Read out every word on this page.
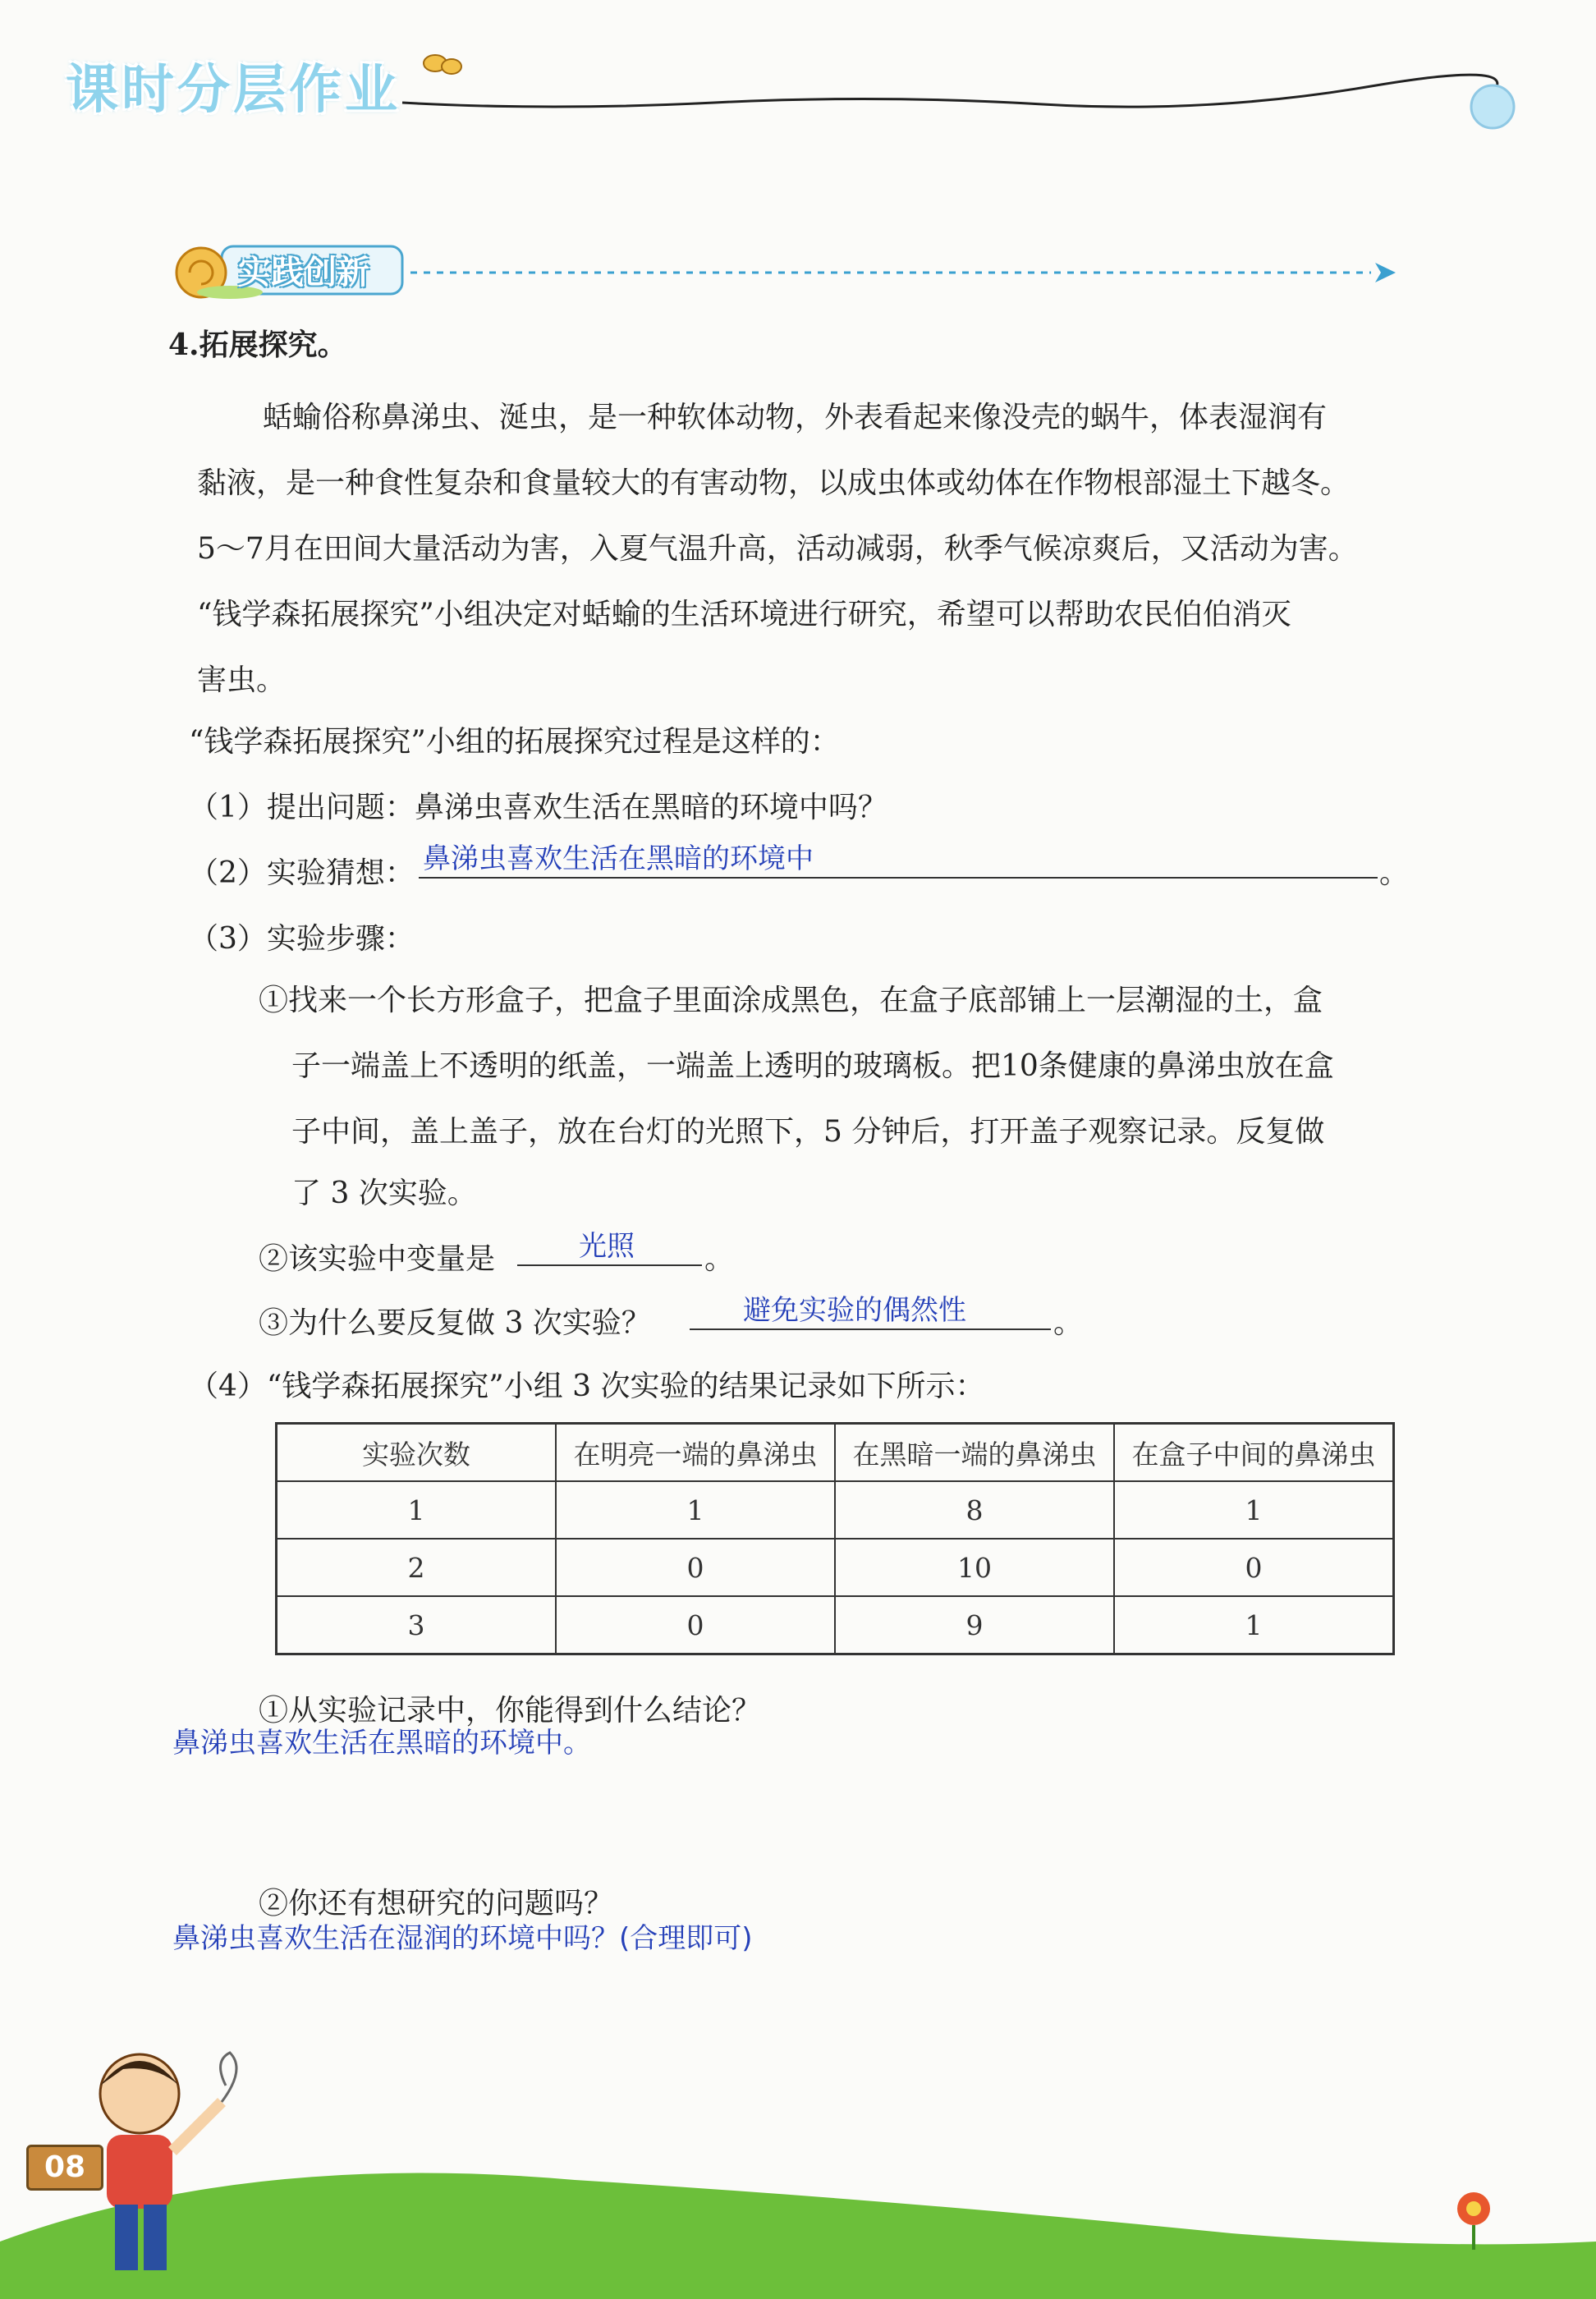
课时分层作业
实践创新
4.拓展探究。
蛞蝓俗称鼻涕虫、涎虫，是一种软体动物，外表看起来像没壳的蜗牛，体表湿润有
黏液，是一种食性复杂和食量较大的有害动物，以成虫体或幼体在作物根部湿土下越冬。
5～7月在田间大量活动为害，入夏气温升高，活动减弱，秋季气候凉爽后，又活动为害。
“钱学森拓展探究”小组决定对蛞蝓的生活环境进行研究，希望可以帮助农民伯伯消灭
害虫。
“钱学森拓展探究”小组的拓展探究过程是这样的：
（1）提出问题：鼻涕虫喜欢生活在黑暗的环境中吗？
（2）实验猜想： 鼻涕虫喜欢生活在黑暗的环境中	。
（3）实验步骤：
①找来一个长方形盒子，把盒子里面涂成黑色，在盒子底部铺上一层潮湿的土，盒
子一端盖上不透明的纸盖，一端盖上透明的玻璃板。把10条健康的鼻涕虫放在盒
子中间，盖上盖子，放在台灯的光照下，5 分钟后，打开盖子观察记录。反复做
了 3 次实验。
②该实验中变量是	光照 。
③为什么要反复做 3 次实验？	避免实验的偶然性	。
（4）“钱学森拓展探究”小组 3 次实验的结果记录如下所示：
实验次数	在明亮一端的鼻涕虫	在黑暗一端的鼻涕虫	在盒子中间的鼻涕虫
1	1	8	1
2	0	10	0
3	0	9	1
①从实验记录中，你能得到什么结论？
鼻涕虫喜欢生活在黑暗的环境中。
②你还有想研究的问题吗？
鼻涕虫喜欢生活在湿润的环境中吗？(合理即可)
08
